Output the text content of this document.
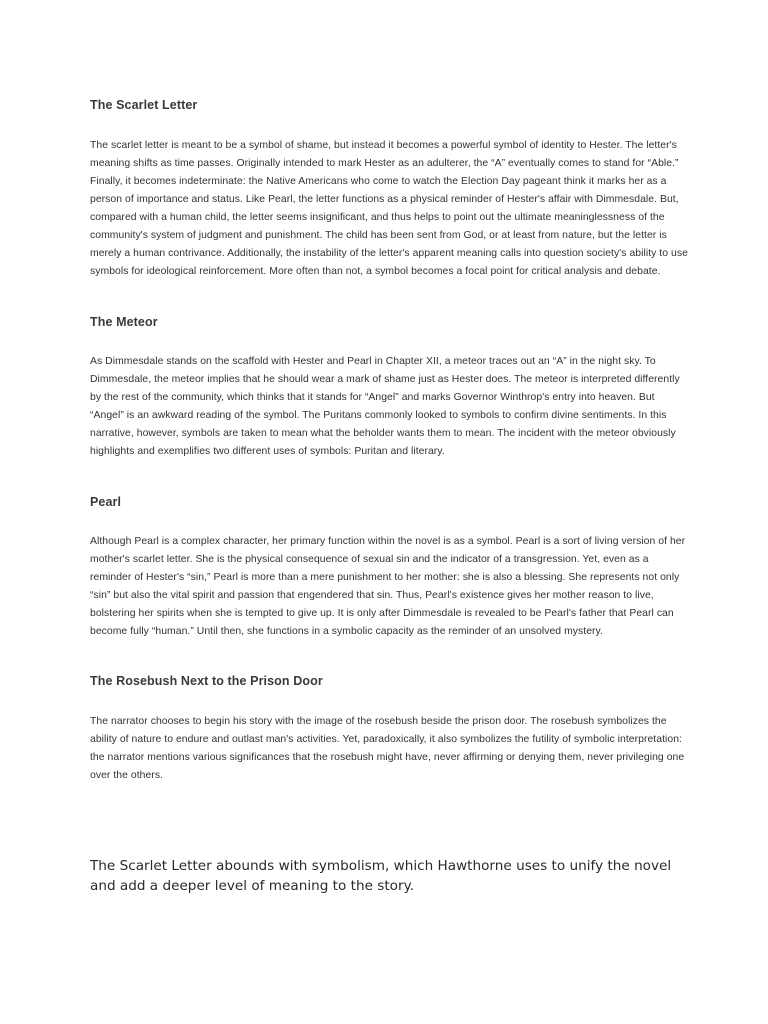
The Scarlet Letter

The scarlet letter is meant to be a symbol of shame, but instead it becomes a powerful symbol of identity to Hester. The letter's meaning shifts as time passes. Originally intended to mark Hester as an adulterer, the “A” eventually comes to stand for “Able.” Finally, it becomes indeterminate: the Native Americans who come to watch the Election Day pageant think it marks her as a person of importance and status. Like Pearl, the letter functions as a physical reminder of Hester's affair with Dimmesdale. But, compared with a human child, the letter seems insignificant, and thus helps to point out the ultimate meaninglessness of the community's system of judgment and punishment. The child has been sent from God, or at least from nature, but the letter is merely a human contrivance. Additionally, the instability of the letter's apparent meaning calls into question society's ability to use symbols for ideological reinforcement. More often than not, a symbol becomes a focal point for critical analysis and debate.

The Meteor

As Dimmesdale stands on the scaffold with Hester and Pearl in Chapter XII, a meteor traces out an “A” in the night sky. To Dimmesdale, the meteor implies that he should wear a mark of shame just as Hester does. The meteor is interpreted differently by the rest of the community, which thinks that it stands for “Angel” and marks Governor Winthrop's entry into heaven. But “Angel” is an awkward reading of the symbol. The Puritans commonly looked to symbols to confirm divine sentiments. In this narrative, however, symbols are taken to mean what the beholder wants them to mean. The incident with the meteor obviously highlights and exemplifies two different uses of symbols: Puritan and literary.

Pearl

Although Pearl is a complex character, her primary function within the novel is as a symbol. Pearl is a sort of living version of her mother's scarlet letter. She is the physical consequence of sexual sin and the indicator of a transgression. Yet, even as a reminder of Hester's “sin,” Pearl is more than a mere punishment to her mother: she is also a blessing. She represents not only “sin” but also the vital spirit and passion that engendered that sin. Thus, Pearl's existence gives her mother reason to live, bolstering her spirits when she is tempted to give up. It is only after Dimmesdale is revealed to be Pearl's father that Pearl can become fully “human.” Until then, she functions in a symbolic capacity as the reminder of an unsolved mystery.

The Rosebush Next to the Prison Door

The narrator chooses to begin his story with the image of the rosebush beside the prison door. The rosebush symbolizes the ability of nature to endure and outlast man's activities. Yet, paradoxically, it also symbolizes the futility of symbolic interpretation: the narrator mentions various significances that the rosebush might have, never affirming or denying them, never privileging one over the others.

The Scarlet Letter abounds with symbolism, which Hawthorne uses to unify the novel and add a deeper level of meaning to the story.
